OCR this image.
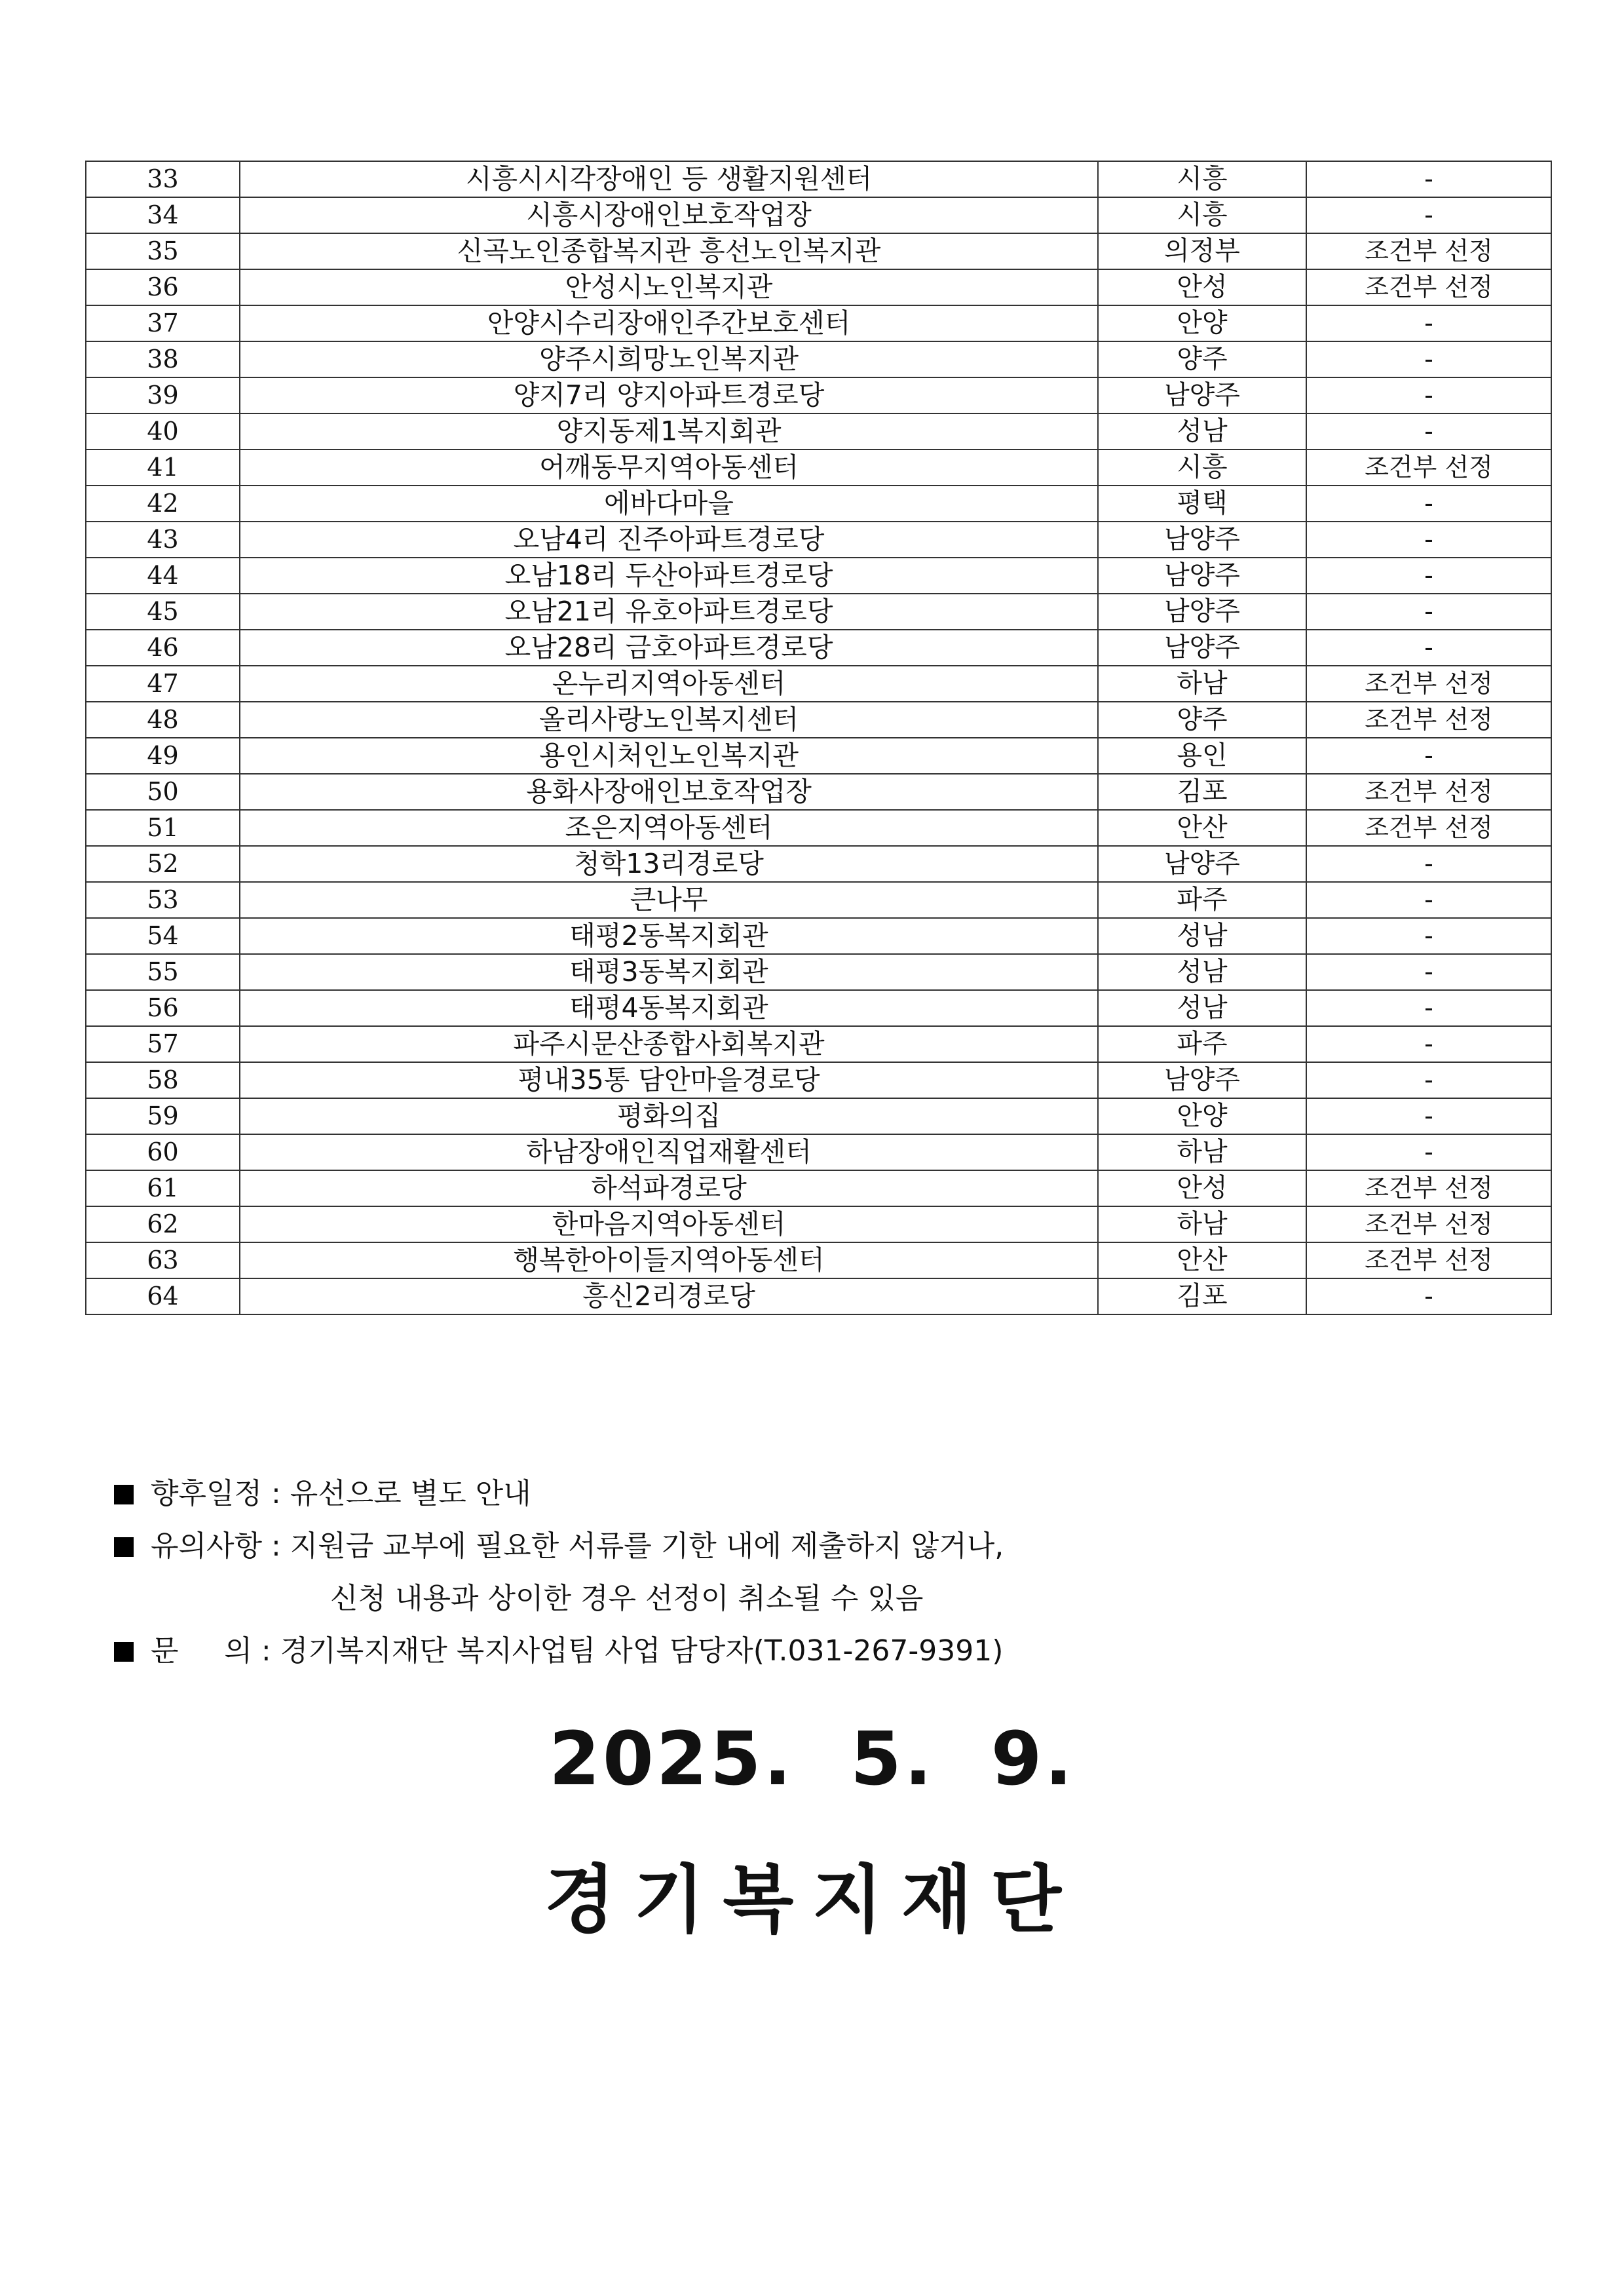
33	시흥시시각장애인 등 생활지원센터	시흥	-
34	시흥시장애인보호작업장	시흥	-
35	신곡노인종합복지관 흥선노인복지관	의정부	조건부 선정
36	안성시노인복지관	안성	조건부 선정
37	안양시수리장애인주간보호센터	안양	-
38	양주시희망노인복지관	양주	-
39	양지7리 양지아파트경로당	남양주	-
40	양지동제1복지회관	성남	-
41	어깨동무지역아동센터	시흥	조건부 선정
42	에바다마을	평택	-
43	오남4리 진주아파트경로당	남양주	-
44	오남18리 두산아파트경로당	남양주	-
45	오남21리 유호아파트경로당	남양주	-
46	오남28리 금호아파트경로당	남양주	-
47	온누리지역아동센터	하남	조건부 선정
48	올리사랑노인복지센터	양주	조건부 선정
49	용인시처인노인복지관	용인	-
50	용화사장애인보호작업장	김포	조건부 선정
51	조은지역아동센터	안산	조건부 선정
52	청학13리경로당	남양주	-
53	큰나무	파주	-
54	태평2동복지회관	성남	-
55	태평3동복지회관	성남	-
56	태평4동복지회관	성남	-
57	파주시문산종합사회복지관	파주	-
58	평내35통 담안마을경로당	남양주	-
59	평화의집	안양	-
60	하남장애인직업재활센터	하남	-
61	하석파경로당	안성	조건부 선정
62	한마음지역아동센터	하남	조건부 선정
63	행복한아이들지역아동센터	안산	조건부 선정
64	흥신2리경로당	김포	-

향후일정 : 유선으로 별도 안내

유의사항 : 지원금 교부에 필요한 서류를 기한 내에 제출하지 않거나,

신청 내용과 상이한 경우 선정이 취소될 수 있음

문     의 : 경기복지재단 복지사업팀 사업 담당자(T.031-267-9391)

2025.  5.  9.
경기복지재단
